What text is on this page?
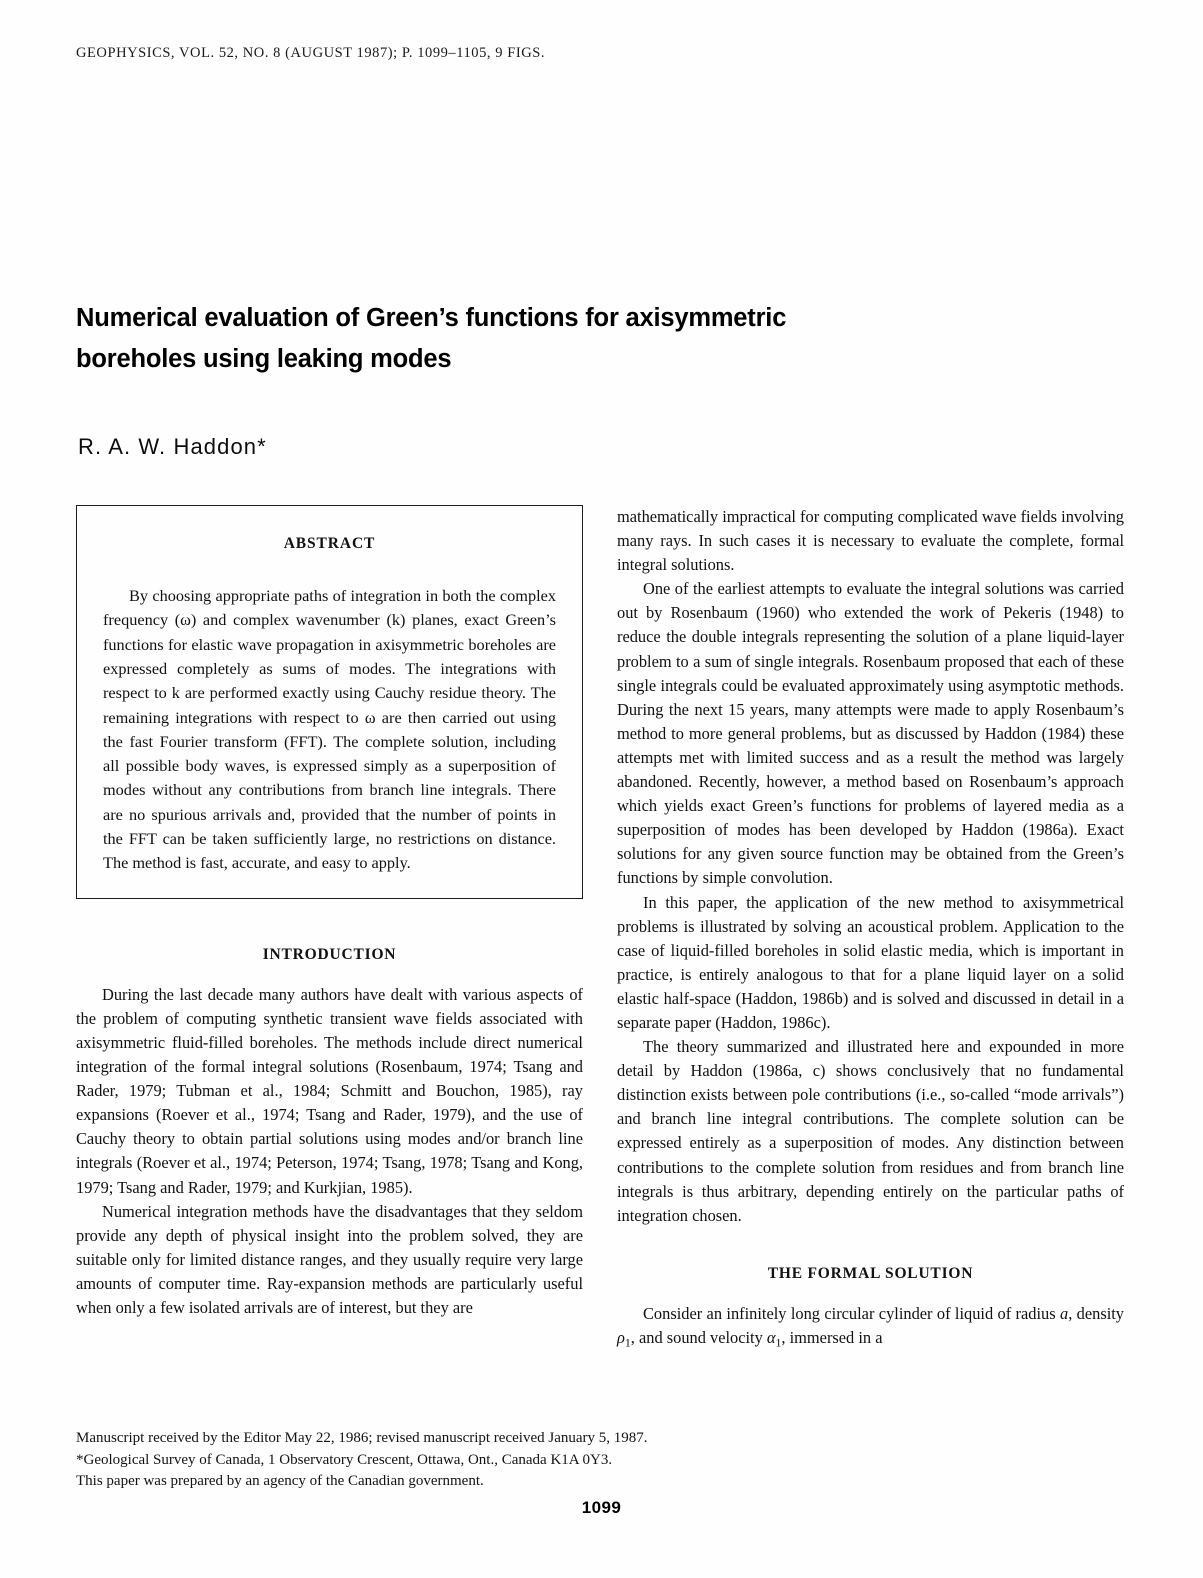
GEOPHYSICS, VOL. 52, NO. 8 (AUGUST 1987); P. 1099–1105, 9 FIGS.
Numerical evaluation of Green’s functions for axisymmetric boreholes using leaking modes
R. A. W. Haddon*
ABSTRACT

By choosing appropriate paths of integration in both the complex frequency (ω) and complex wavenumber (k) planes, exact Green’s functions for elastic wave propagation in axisymmetric boreholes are expressed completely as sums of modes. The integrations with respect to k are performed exactly using Cauchy residue theory. The remaining integrations with respect to ω are then carried out using the fast Fourier transform (FFT). The complete solution, including all possible body waves, is expressed simply as a superposition of modes without any contributions from branch line integrals. There are no spurious arrivals and, provided that the number of points in the FFT can be taken sufficiently large, no restrictions on distance. The method is fast, accurate, and easy to apply.

INTRODUCTION

During the last decade many authors have dealt with various aspects of the problem of computing synthetic transient wave fields associated with axisymmetric fluid-filled boreholes. The methods include direct numerical integration of the formal integral solutions (Rosenbaum, 1974; Tsang and Rader, 1979; Tubman et al., 1984; Schmitt and Bouchon, 1985), ray expansions (Roever et al., 1974; Tsang and Rader, 1979), and the use of Cauchy theory to obtain partial solutions using modes and/or branch line integrals (Roever et al., 1974; Peterson, 1974; Tsang, 1978; Tsang and Kong, 1979; Tsang and Rader, 1979; and Kurkjian, 1985).

Numerical integration methods have the disadvantages that they seldom provide any depth of physical insight into the problem solved, they are suitable only for limited distance ranges, and they usually require very large amounts of computer time. Ray-expansion methods are particularly useful when only a few isolated arrivals are of interest, but they are

mathematically impractical for computing complicated wave fields involving many rays. In such cases it is necessary to evaluate the complete, formal integral solutions.

One of the earliest attempts to evaluate the integral solutions was carried out by Rosenbaum (1960) who extended the work of Pekeris (1948) to reduce the double integrals representing the solution of a plane liquid-layer problem to a sum of single integrals. Rosenbaum proposed that each of these single integrals could be evaluated approximately using asymptotic methods. During the next 15 years, many attempts were made to apply Rosenbaum’s method to more general problems, but as discussed by Haddon (1984) these attempts met with limited success and as a result the method was largely abandoned. Recently, however, a method based on Rosenbaum’s approach which yields exact Green’s functions for problems of layered media as a superposition of modes has been developed by Haddon (1986a). Exact solutions for any given source function may be obtained from the Green’s functions by simple convolution.

In this paper, the application of the new method to axisymmetrical problems is illustrated by solving an acoustical problem. Application to the case of liquid-filled boreholes in solid elastic media, which is important in practice, is entirely analogous to that for a plane liquid layer on a solid elastic half-space (Haddon, 1986b) and is solved and discussed in detail in a separate paper (Haddon, 1986c).

The theory summarized and illustrated here and expounded in more detail by Haddon (1986a, c) shows conclusively that no fundamental distinction exists between pole contributions (i.e., so-called “mode arrivals”) and branch line integral contributions. The complete solution can be expressed entirely as a superposition of modes. Any distinction between contributions to the complete solution from residues and from branch line integrals is thus arbitrary, depending entirely on the particular paths of integration chosen.

THE FORMAL SOLUTION

Consider an infinitely long circular cylinder of liquid of radius a, density $\rho_1$, and sound velocity $\alpha_1$, immersed in a

Manuscript received by the Editor May 22, 1986; revised manuscript received January 5, 1987.
*Geological Survey of Canada, 1 Observatory Crescent, Ottawa, Ont., Canada K1A 0Y3.
This paper was prepared by an agency of the Canadian government.
1099
